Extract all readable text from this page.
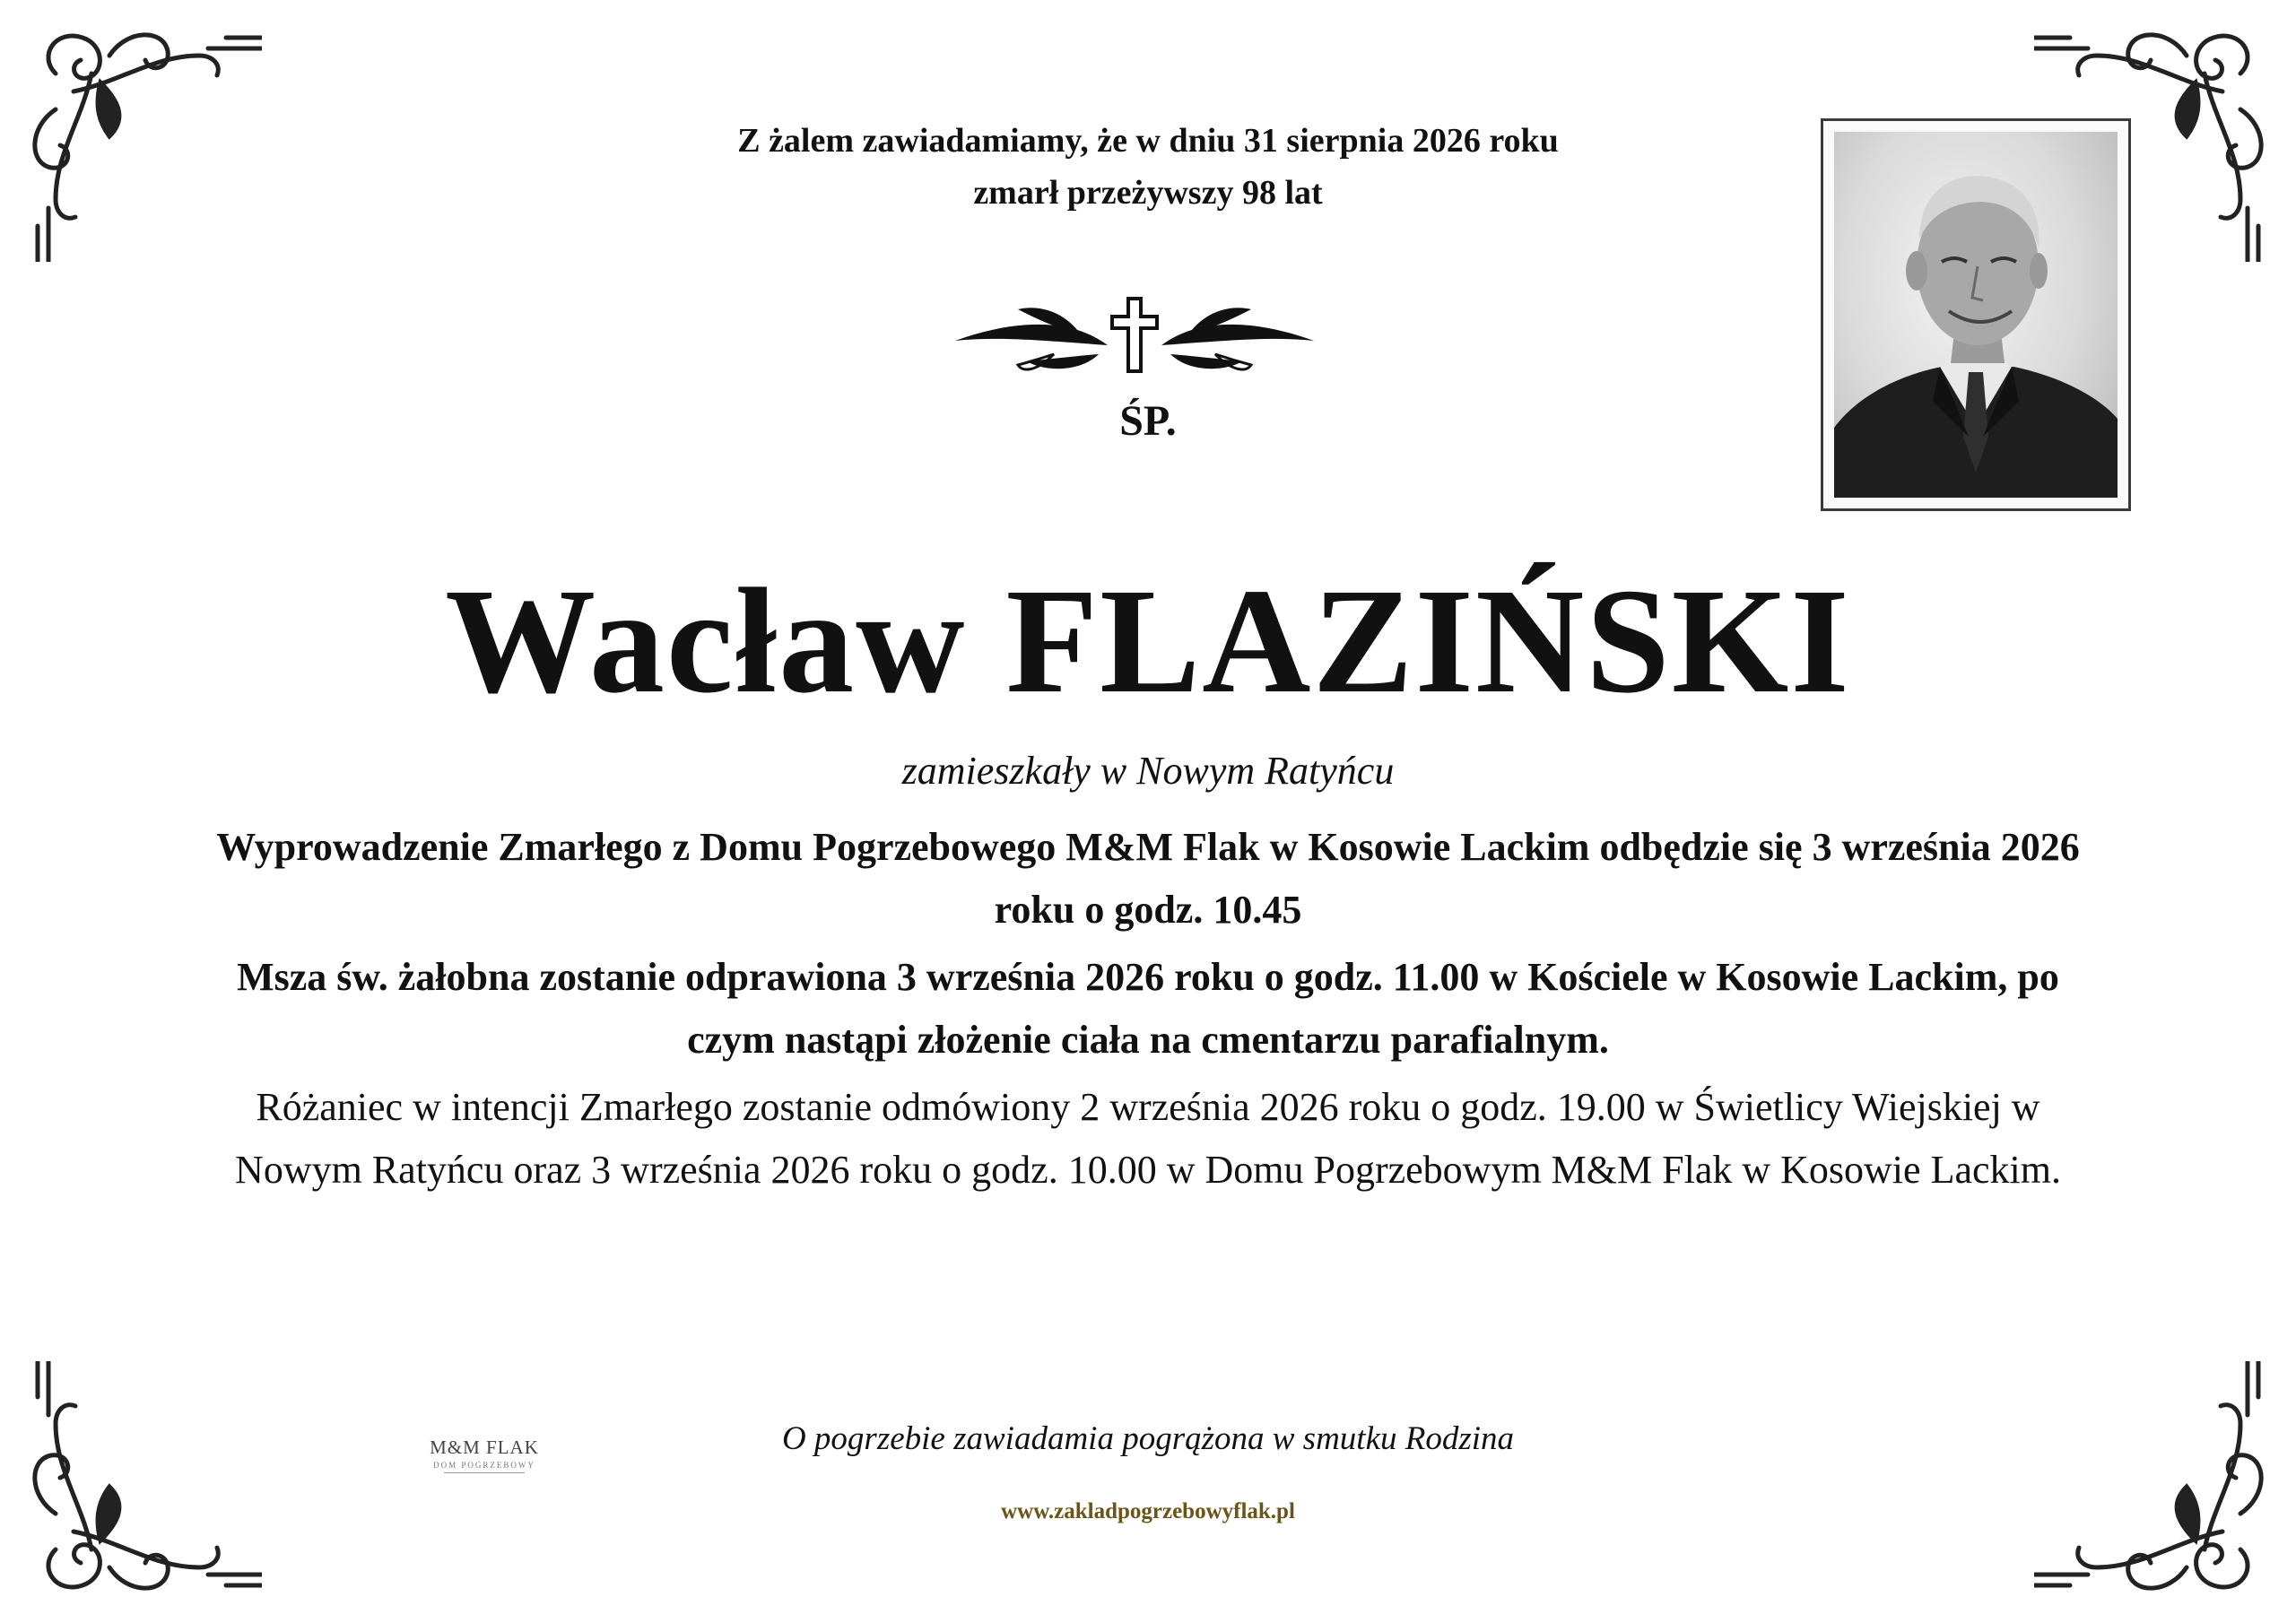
Z żalem zawiadamiamy, że w dniu 31 sierpnia 2026 roku
zmarł przeżywszy 98 lat
ŚP.
Wacław FLAZIŃSKI
zamieszkały w Nowym Ratyńcu
Wyprowadzenie Zmarłego z Domu Pogrzebowego M&M Flak w Kosowie Lackim odbędzie się 3 września 2026 roku o godz. 10.45
Msza św. żałobna zostanie odprawiona 3 września 2026 roku o godz. 11.00 w Kościele w Kosowie Lackim, po czym nastąpi złożenie ciała na cmentarzu parafialnym.
Różaniec w intencji Zmarłego zostanie odmówiony 2 września 2026 roku o godz. 19.00 w Świetlicy Wiejskiej w Nowym Ratyńcu oraz 3 września 2026 roku o godz. 10.00 w Domu Pogrzebowym M&M Flak w Kosowie Lackim.
M&M FLAK
DOM POGRZEBOWY
O pogrzebie zawiadamia pogrążona w smutku Rodzina
www.zakladpogrzebowyflak.pl
